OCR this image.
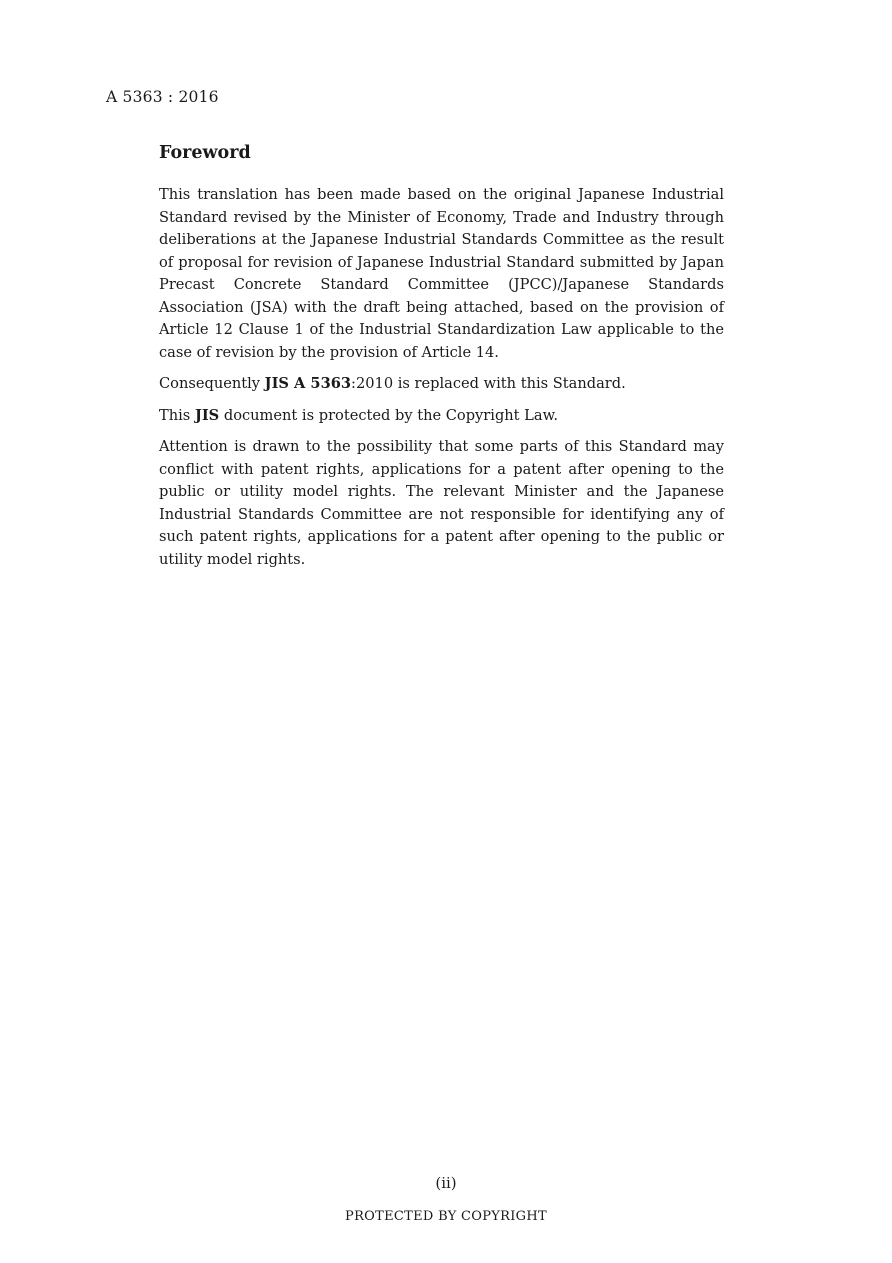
A 5363 : 2016
Foreword

This translation has been made based on the original Japanese Industrial Standard revised by the Minister of Economy, Trade and Industry through deliberations at the Japanese Industrial Standards Committee as the result of proposal for revision of Japanese Industrial Standard submitted by Japan Precast Concrete Standard Committee (JPCC)/Japanese Standards Association (JSA) with the draft being attached, based on the provision of Article 12 Clause 1 of the Industrial Standardization Law applicable to the case of revision by the provision of Article 14.

Consequently JIS A 5363:2010 is replaced with this Standard.

This JIS document is protected by the Copyright Law.

Attention is drawn to the possibility that some parts of this Standard may conflict with patent rights, applications for a patent after opening to the public or utility model rights. The relevant Minister and the Japanese Industrial Standards Committee are not responsible for identifying any of such patent rights, applications for a patent after opening to the public or utility model rights.

(ii)
PROTECTED BY COPYRIGHT
